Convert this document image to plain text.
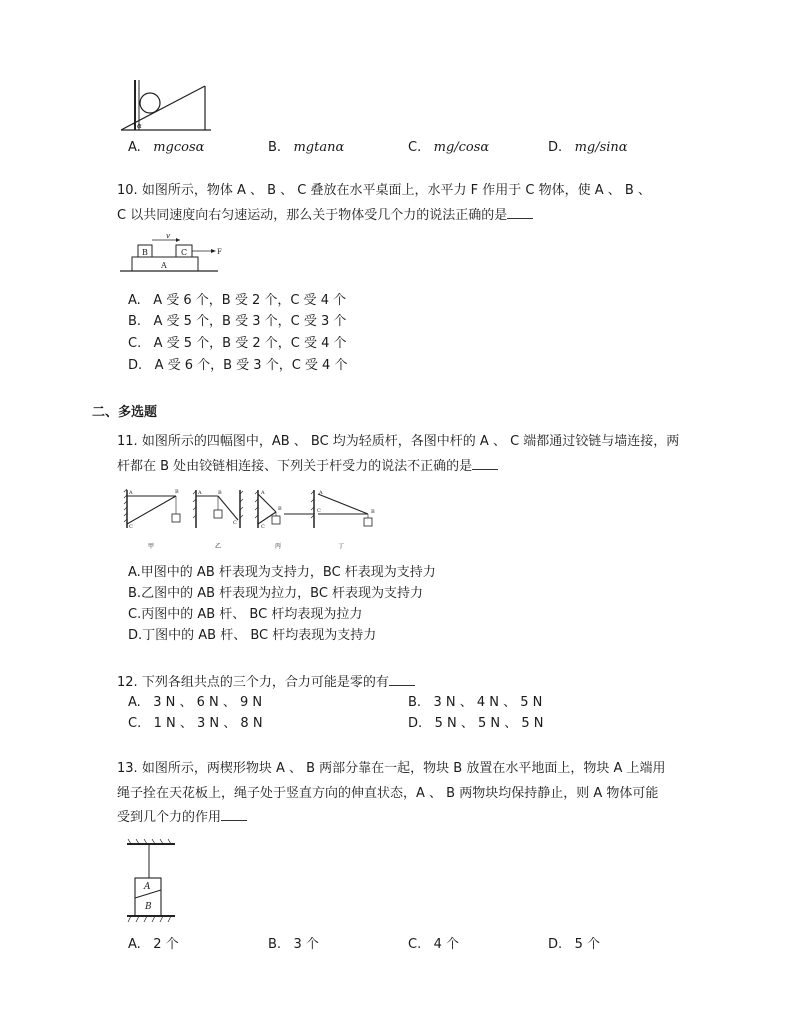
α
A. mgcosα	B. mgtanα	C. mg/cosα	D. mg/sinα
10. 如图所示，物体 A 、 B 、 C 叠放在水平桌面上，水平力 F 作用于 C 物体，使 A 、 B 、
C 以共同速度向右匀速运动，那么关于物体受几个力的说法正确的是
v
B	C
A
F
A. A 受 6 个，B 受 2 个，C 受 4 个
B. A 受 5 个，B 受 3 个，C 受 3 个
C. A 受 5 个，B 受 2 个，C 受 4 个
D. A 受 6 个，B 受 3 个，C 受 4 个
二、多选题
11. 如图所示的四幅图中，AB 、 BC 均为轻质杆，各图中杆的 A 、 C 端都通过铰链与墙连接，两
杆都在 B 处由铰链相连接、下列关于杆受力的说法不正确的是
A	B
C
A	B
C
A
B
C
A
B
C
甲	乙	丙	丁
A.甲图中的 AB 杆表现为支持力，BC 杆表现为支持力
B.乙图中的 AB 杆表现为拉力，BC 杆表现为支持力
C.丙图中的 AB 杆、 BC 杆均表现为拉力
D.丁图中的 AB 杆、 BC 杆均表现为支持力
12. 下列各组共点的三个力，合力可能是零的有
A. 3 N 、 6 N 、 9 N	B. 3 N 、 4 N 、 5 N
C. 1 N 、 3 N 、 8 N	D. 5 N 、 5 N 、 5 N
13. 如图所示，两楔形物块 A 、 B 两部分靠在一起，物块 B 放置在水平地面上，物块 A 上端用
绳子拴在天花板上，绳子处于竖直方向的伸直状态，A 、 B 两物块均保持静止，则 A 物体可能
受到几个力的作用
A
B
A. 2 个	B. 3 个	C. 4 个	D. 5 个
